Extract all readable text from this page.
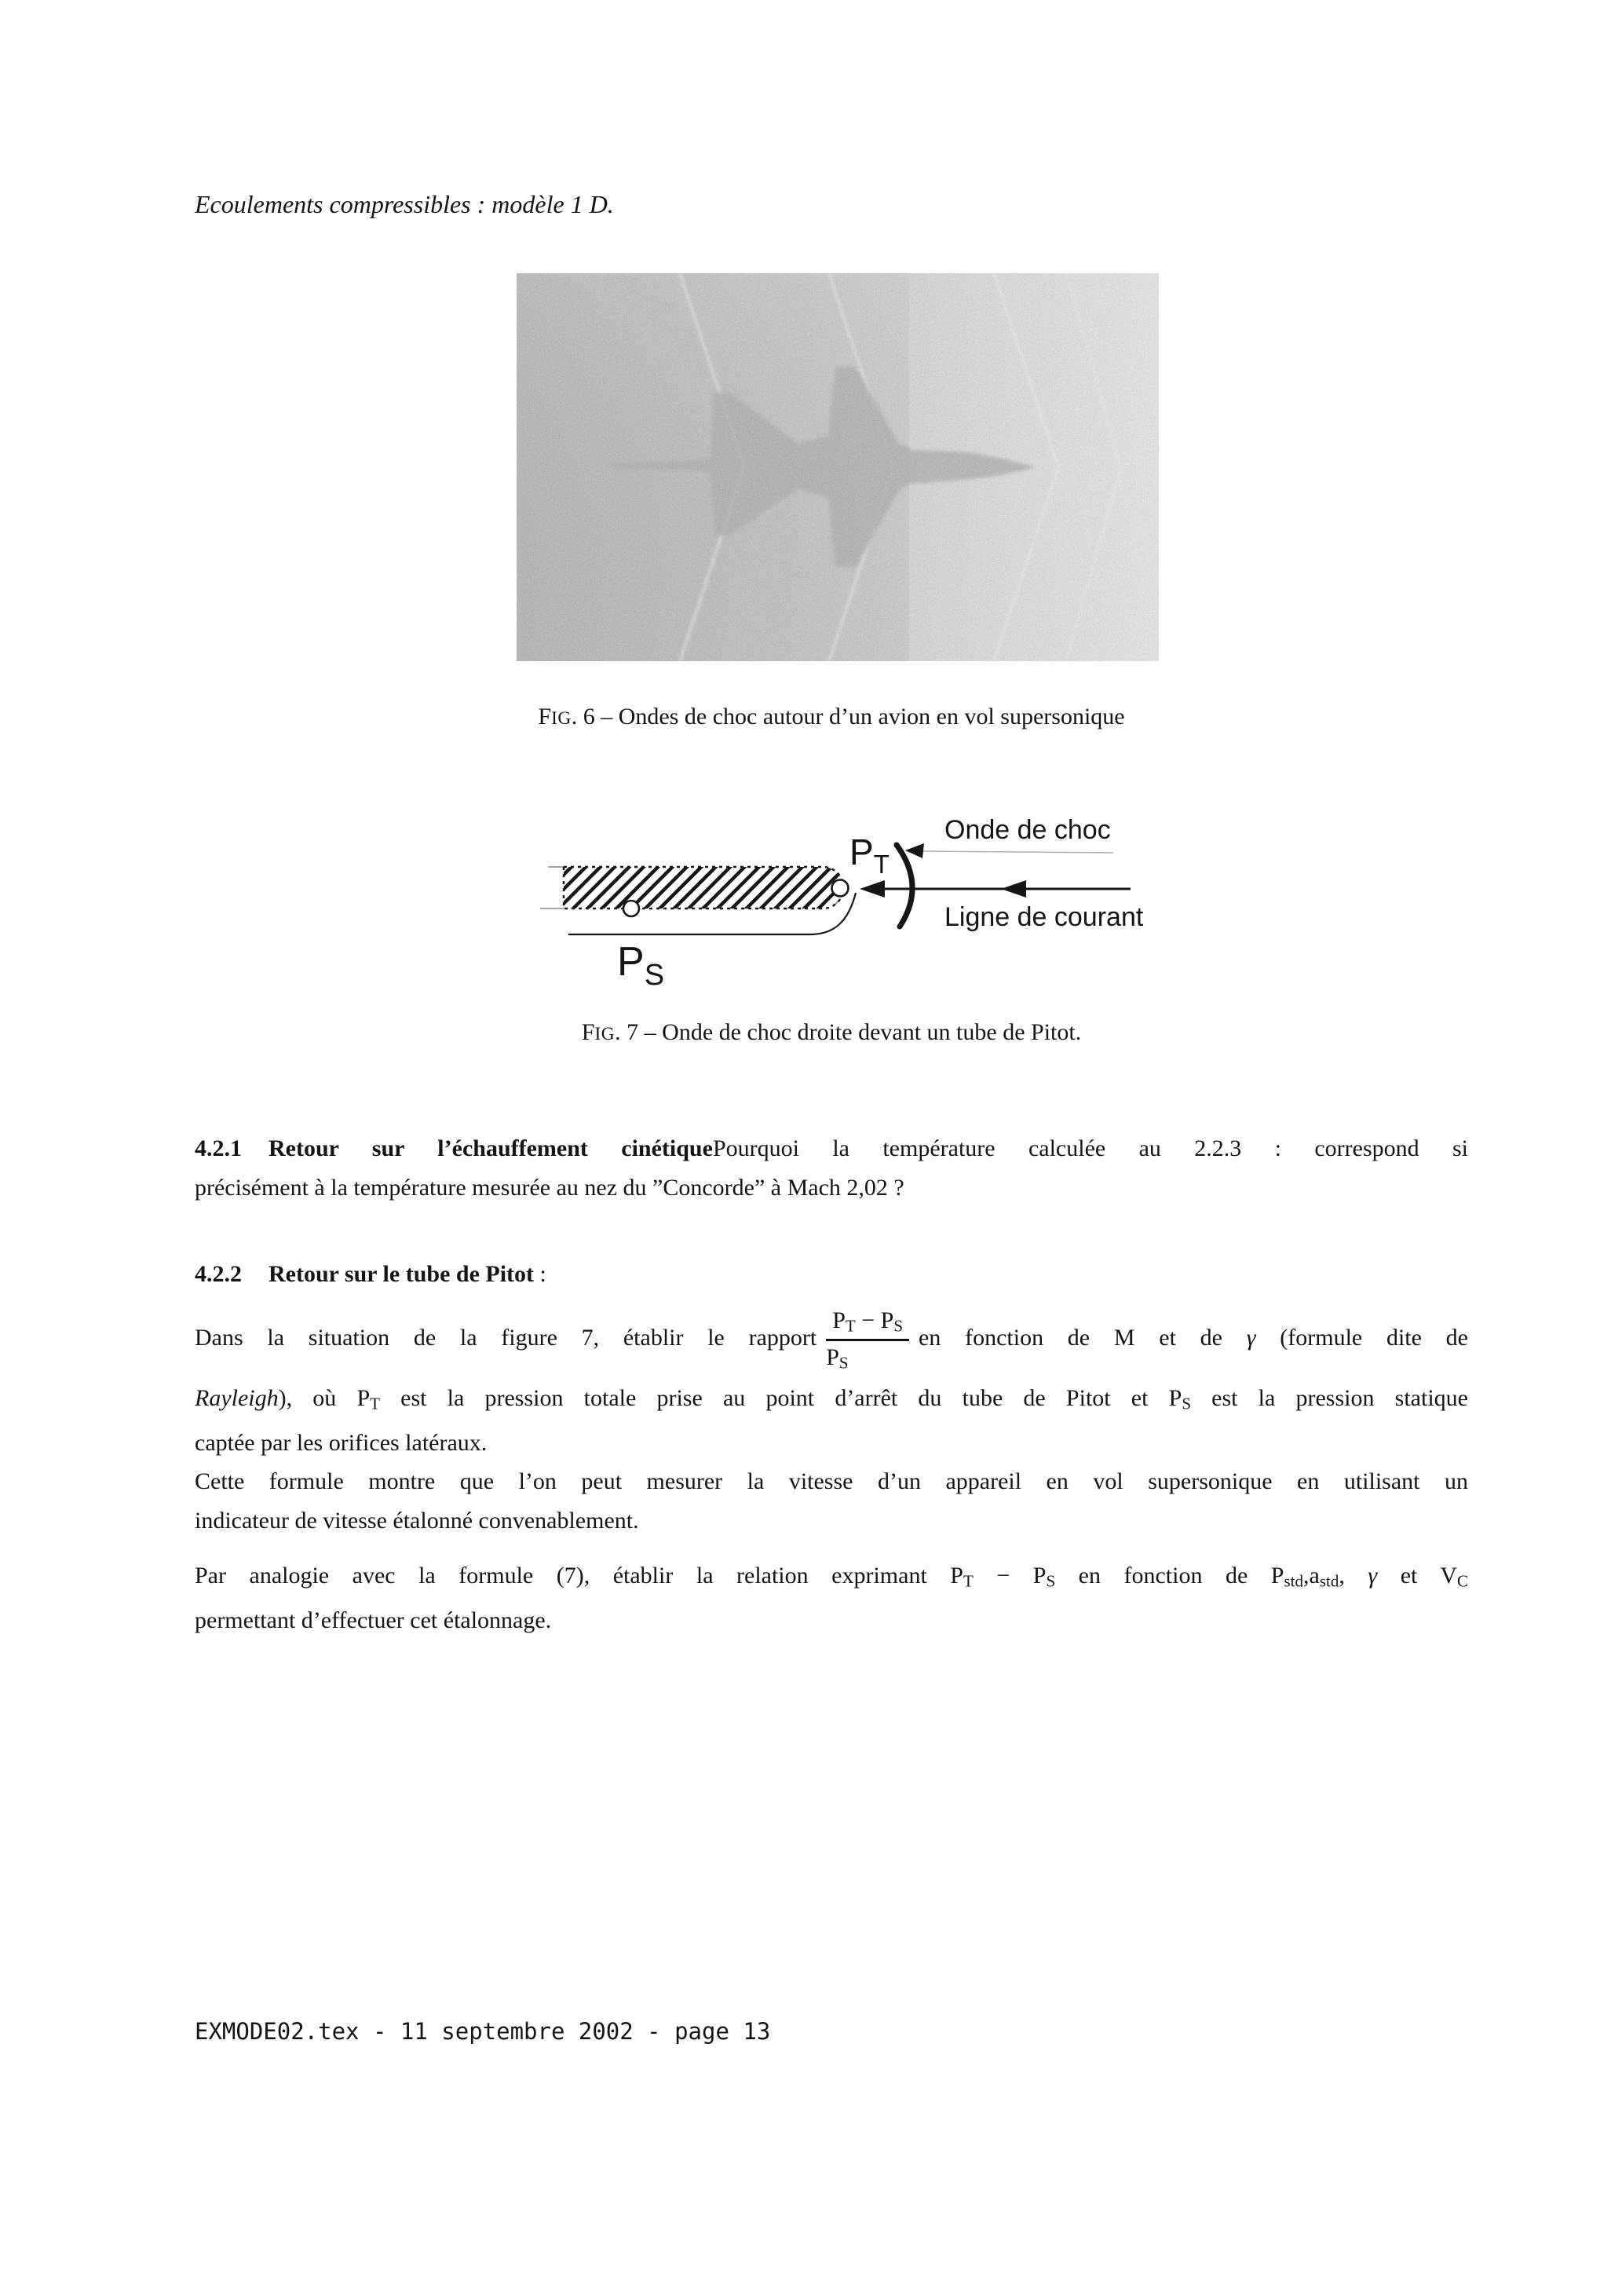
Ecoulements compressibles : modèle 1 D.
FIG. 6 – Ondes de choc autour d’un avion en vol supersonique
$P_T$
$P_S$
Onde de choc
Ligne de courant
FIG. 7 – Onde de choc droite devant un tube de Pitot.
4.2.1 Retour sur l’échauffement cinétiquePourquoi la température calculée au 2.2.3 : correspond si
précisément à la température mesurée au nez du ”Concorde” à Mach 2,02 ?
4.2.2 Retour sur le tube de Pitot :
Dans la situation de la figure 7, établir le rapport $\frac{PT - PS}{PS}$ en fonction de M et de γ (formule dite de
Rayleigh), où PT est la pression totale prise au point d’arrêt du tube de Pitot et PS est la pression statique
captée par les orifices latéraux.
Cette formule montre que l’on peut mesurer la vitesse d’un appareil en vol supersonique en utilisant un
indicateur de vitesse étalonné convenablement.
Par analogie avec la formule (7), établir la relation exprimant PT − PS en fonction de Pstd,astd, γ et VC
permettant d’effectuer cet étalonnage.
EXMODE02.tex - 11 septembre 2002 - page 13
